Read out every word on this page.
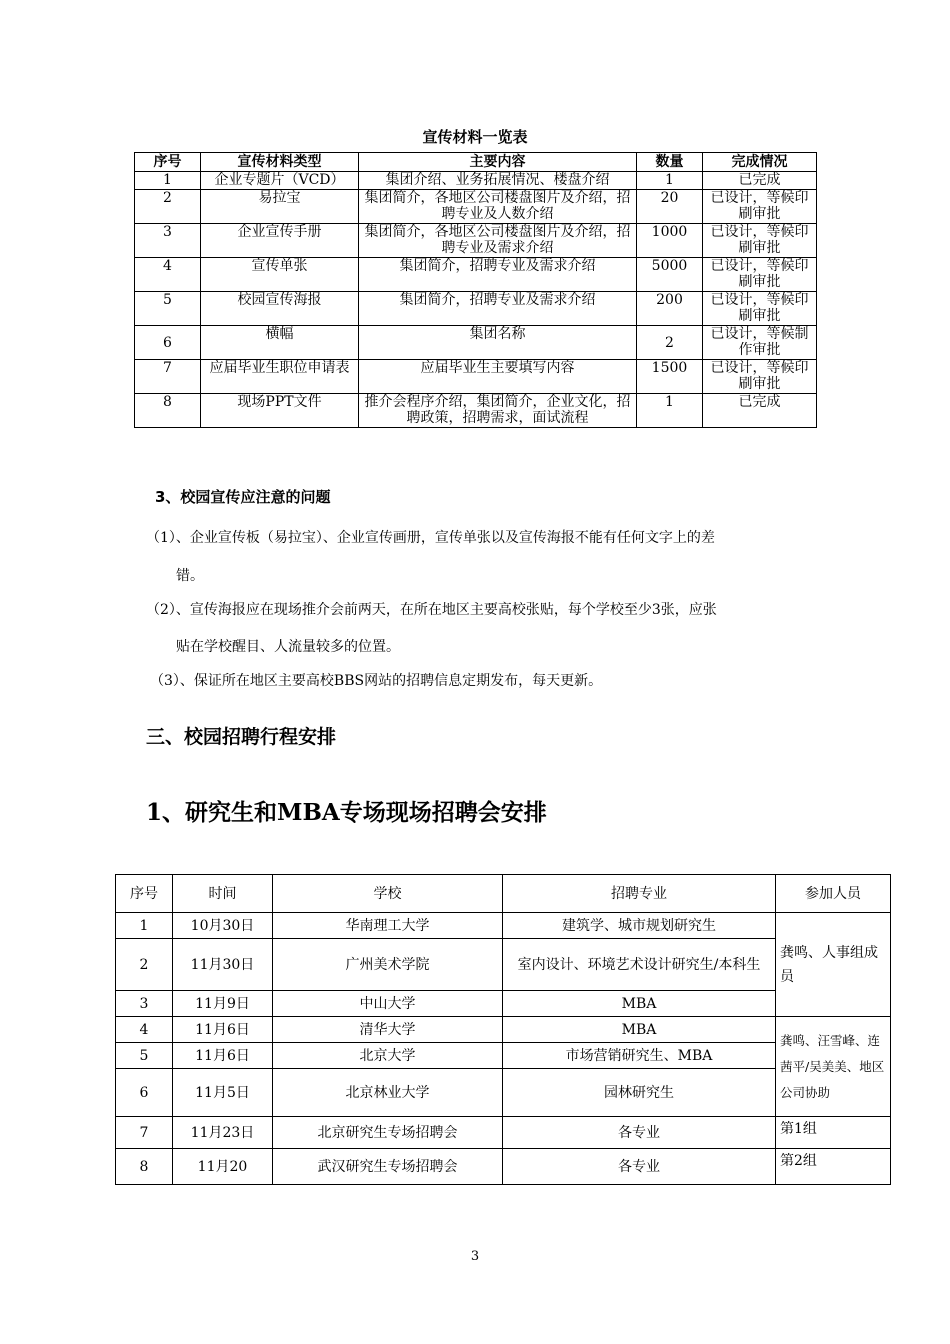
宣传材料一览表
序号	宣传材料类型	主要内容	数量	完成情况
1	企业专题片（VCD）	集团介绍、业务拓展情况、楼盘介绍	1	已完成
2	易拉宝	集团简介，各地区公司楼盘图片及介绍，招聘专业及人数介绍	20	已设计，等候印刷审批
3	企业宣传手册	集团简介，各地区公司楼盘图片及介绍，招聘专业及需求介绍	1000	已设计，等候印刷审批
4	宣传单张	集团简介，招聘专业及需求介绍	5000	已设计，等候印刷审批
5	校园宣传海报	集团简介，招聘专业及需求介绍	200	已设计，等候印刷审批
6	横幅	集团名称	2	已设计，等候制作审批
7	应届毕业生职位申请表	应届毕业生主要填写内容	1500	已设计，等候印刷审批
8	现场PPT文件	推介会程序介绍，集团简介，企业文化，招聘政策，招聘需求，面试流程	1	已完成
3、校园宣传应注意的问题
（1）、企业宣传板（易拉宝）、企业宣传画册，宣传单张以及宣传海报不能有任何文字上的差
错。
（2）、宣传海报应在现场推介会前两天，在所在地区主要高校张贴，每个学校至少3张，应张
贴在学校醒目、人流量较多的位置。
（3）、保证所在地区主要高校BBS网站的招聘信息定期发布，每天更新。
三、校园招聘行程安排
1、研究生和MBA专场现场招聘会安排
序号	时间	学校	招聘专业	参加人员
1	10月30日	华南理工大学	建筑学、城市规划研究生	龚鸣、人事组成员
2	11月30日	广州美术学院	室内设计、环境艺术设计研究生/本科生	
3	11月9日	中山大学	MBA	
4	11月6日	清华大学	MBA	龚鸣、汪雪峰、连茜平/吴美美、地区公司协助
5	11月6日	北京大学	市场营销研究生、MBA	
6	11月5日	北京林业大学	园林研究生	
7	11月23日	北京研究生专场招聘会	各专业	第1组
8	11月20	武汉研究生专场招聘会	各专业	第2组
3
